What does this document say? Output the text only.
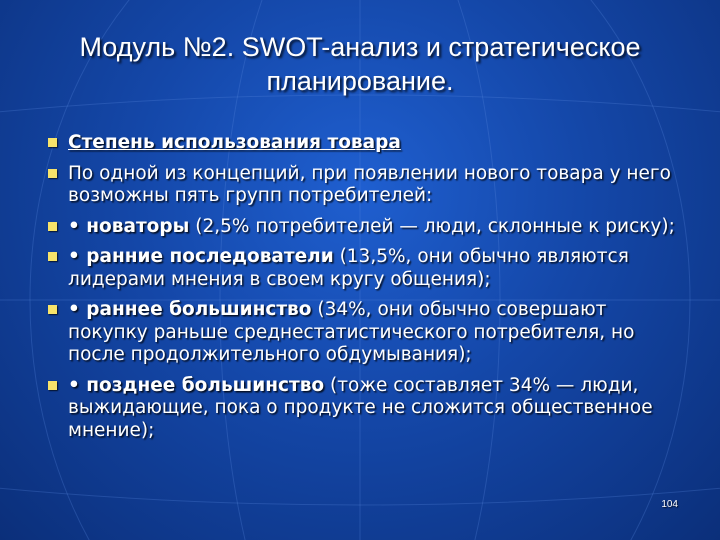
Модуль №2. SWOT-анализ и стратегическое
планирование.
Степень использования товара
По одной из концепций, при появлении нового товара у него возможны пять групп потребителей:
• новаторы (2,5% потребителей — люди, склонные к риску);
• ранние последователи (13,5%, они обычно являются лидерами мнения в своем кругу общения);
• раннее большинство (34%, они обычно совершают покупку раньше среднестатистического потребителя, но после продолжительного обдумывания);
• позднее большинство (тоже составляет 34% — люди, выжидающие, пока о продукте не сложится общественное мнение);
104
